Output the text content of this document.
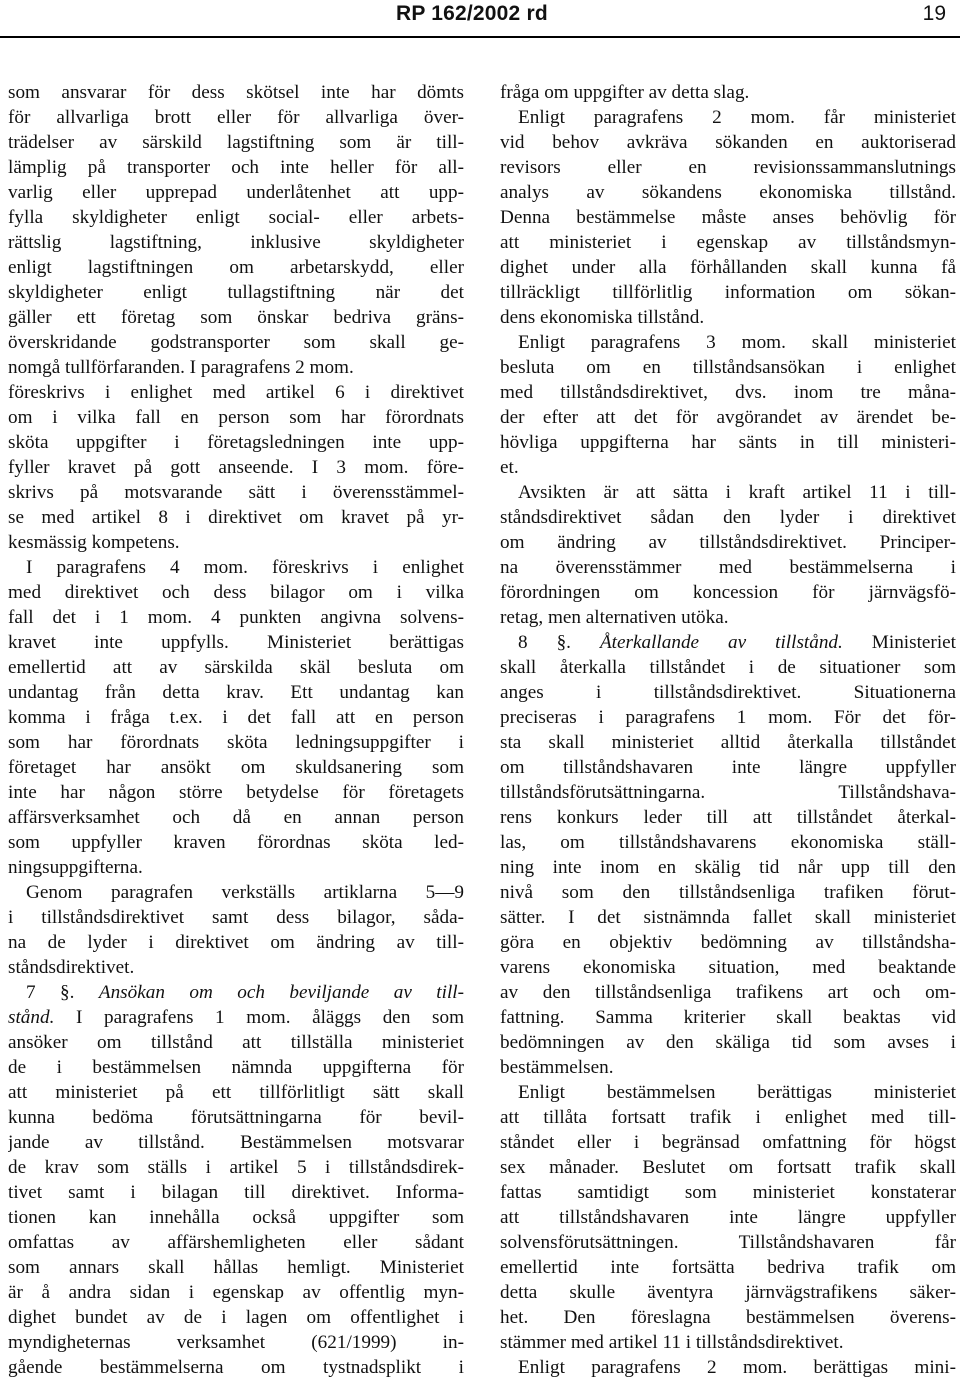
RP 162/2002 rd	19
som ansvarar för dess skötsel inte har dömts
för allvarliga brott eller för allvarliga över-
trädelser av särskild lagstiftning som är till-
lämplig på transporter och inte heller för all-
varlig eller upprepad underlåtenhet att upp-
fylla skyldigheter enligt social- eller arbets-
rättslig lagstiftning, inklusive skyldigheter
enligt lagstiftningen om arbetarskydd, eller
skyldigheter enligt tullagstiftning när det
gäller ett företag som önskar bedriva gräns-
överskridande godstransporter som skall ge-
nomgå tullförfaranden. I paragrafens 2 mom.
föreskrivs i enlighet med artikel 6 i direktivet
om i vilka fall en person som har förordnats
sköta uppgifter i företagsledningen inte upp-
fyller kravet på gott anseende. I 3 mom. före-
skrivs på motsvarande sätt i överensstämmel-
se med artikel 8 i direktivet om kravet på yr-
kesmässig kompetens.
I paragrafens 4 mom. föreskrivs i enlighet
med direktivet och dess bilagor om i vilka
fall det i 1 mom. 4 punkten angivna solvens-
kravet inte uppfylls. Ministeriet berättigas
emellertid att av särskilda skäl besluta om
undantag från detta krav. Ett undantag kan
komma i fråga t.ex. i det fall att en person
som har förordnats sköta ledningsuppgifter i
företaget har ansökt om skuldsanering som
inte har någon större betydelse för företagets
affärsverksamhet och då en annan person
som uppfyller kraven förordnas sköta led-
ningsuppgifterna.
Genom paragrafen verkställs artiklarna 5—9
i tillståndsdirektivet samt dess bilagor, såda-
na de lyder i direktivet om ändring av till-
ståndsdirektivet.
7 §. Ansökan om och beviljande av till-
stånd. I paragrafens 1 mom. åläggs den som
ansöker om tillstånd att tillställa ministeriet
de i bestämmelsen nämnda uppgifterna för
att ministeriet på ett tillförlitligt sätt skall
kunna bedöma förutsättningarna för bevil-
jande av tillstånd. Bestämmelsen motsvarar
de krav som ställs i artikel 5 i tillståndsdirek-
tivet samt i bilagan till direktivet. Informa-
tionen kan innehålla också uppgifter som
omfattas av affärshemligheten eller sådant
som annars skall hållas hemligt. Ministeriet
är å andra sidan i egenskap av offentlig myn-
dighet bundet av de i lagen om offentlighet i
myndigheternas verksamhet (621/1999) in-
gående bestämmelserna om tystnadsplikt i
fråga om uppgifter av detta slag.
Enligt paragrafens 2 mom. får ministeriet
vid behov avkräva sökanden en auktoriserad
revisors eller en revisionssammanslutnings
analys av sökandens ekonomiska tillstånd.
Denna bestämmelse måste anses behövlig för
att ministeriet i egenskap av tillståndsmyn-
dighet under alla förhållanden skall kunna få
tillräckligt tillförlitlig information om sökan-
dens ekonomiska tillstånd.
Enligt paragrafens 3 mom. skall ministeriet
besluta om en tillståndsansökan i enlighet
med tillståndsdirektivet, dvs. inom tre måna-
der efter att det för avgörandet av ärendet be-
hövliga uppgifterna har sänts in till ministeri-
et.
Avsikten är att sätta i kraft artikel 11 i till-
ståndsdirektivet sådan den lyder i direktivet
om ändring av tillståndsdirektivet. Principer-
na överensstämmer med bestämmelserna i
förordningen om koncession för järnvägsfö-
retag, men alternativen utöka.
8 §. Återkallande av tillstånd. Ministeriet
skall återkalla tillståndet i de situationer som
anges i tillståndsdirektivet. Situationerna
preciseras i paragrafens 1 mom. För det för-
sta skall ministeriet alltid återkalla tillståndet
om tillståndshavaren inte längre uppfyller
tillståndsförutsättningarna. Tillståndshava-
rens konkurs leder till att tillståndet återkal-
las, om tillståndshavarens ekonomiska ställ-
ning inte inom en skälig tid når upp till den
nivå som den tillståndsenliga trafiken förut-
sätter. I det sistnämnda fallet skall ministeriet
göra en objektiv bedömning av tillståndsha-
varens ekonomiska situation, med beaktande
av den tillståndsenliga trafikens art och om-
fattning. Samma kriterier skall beaktas vid
bedömningen av den skäliga tid som avses i
bestämmelsen.
Enligt bestämmelsen berättigas ministeriet
att tillåta fortsatt trafik i enlighet med till-
ståndet eller i begränsad omfattning för högst
sex månader. Beslutet om fortsatt trafik skall
fattas samtidigt som ministeriet konstaterar
att tillståndshavaren inte längre uppfyller
solvensförutsättningen. Tillståndshavaren får
emellertid inte fortsätta bedriva trafik om
detta skulle äventyra järnvägstrafikens säker-
het. Den föreslagna bestämmelsen överens-
stämmer med artikel 11 i tillståndsdirektivet.
Enligt paragrafens 2 mom. berättigas mini-
